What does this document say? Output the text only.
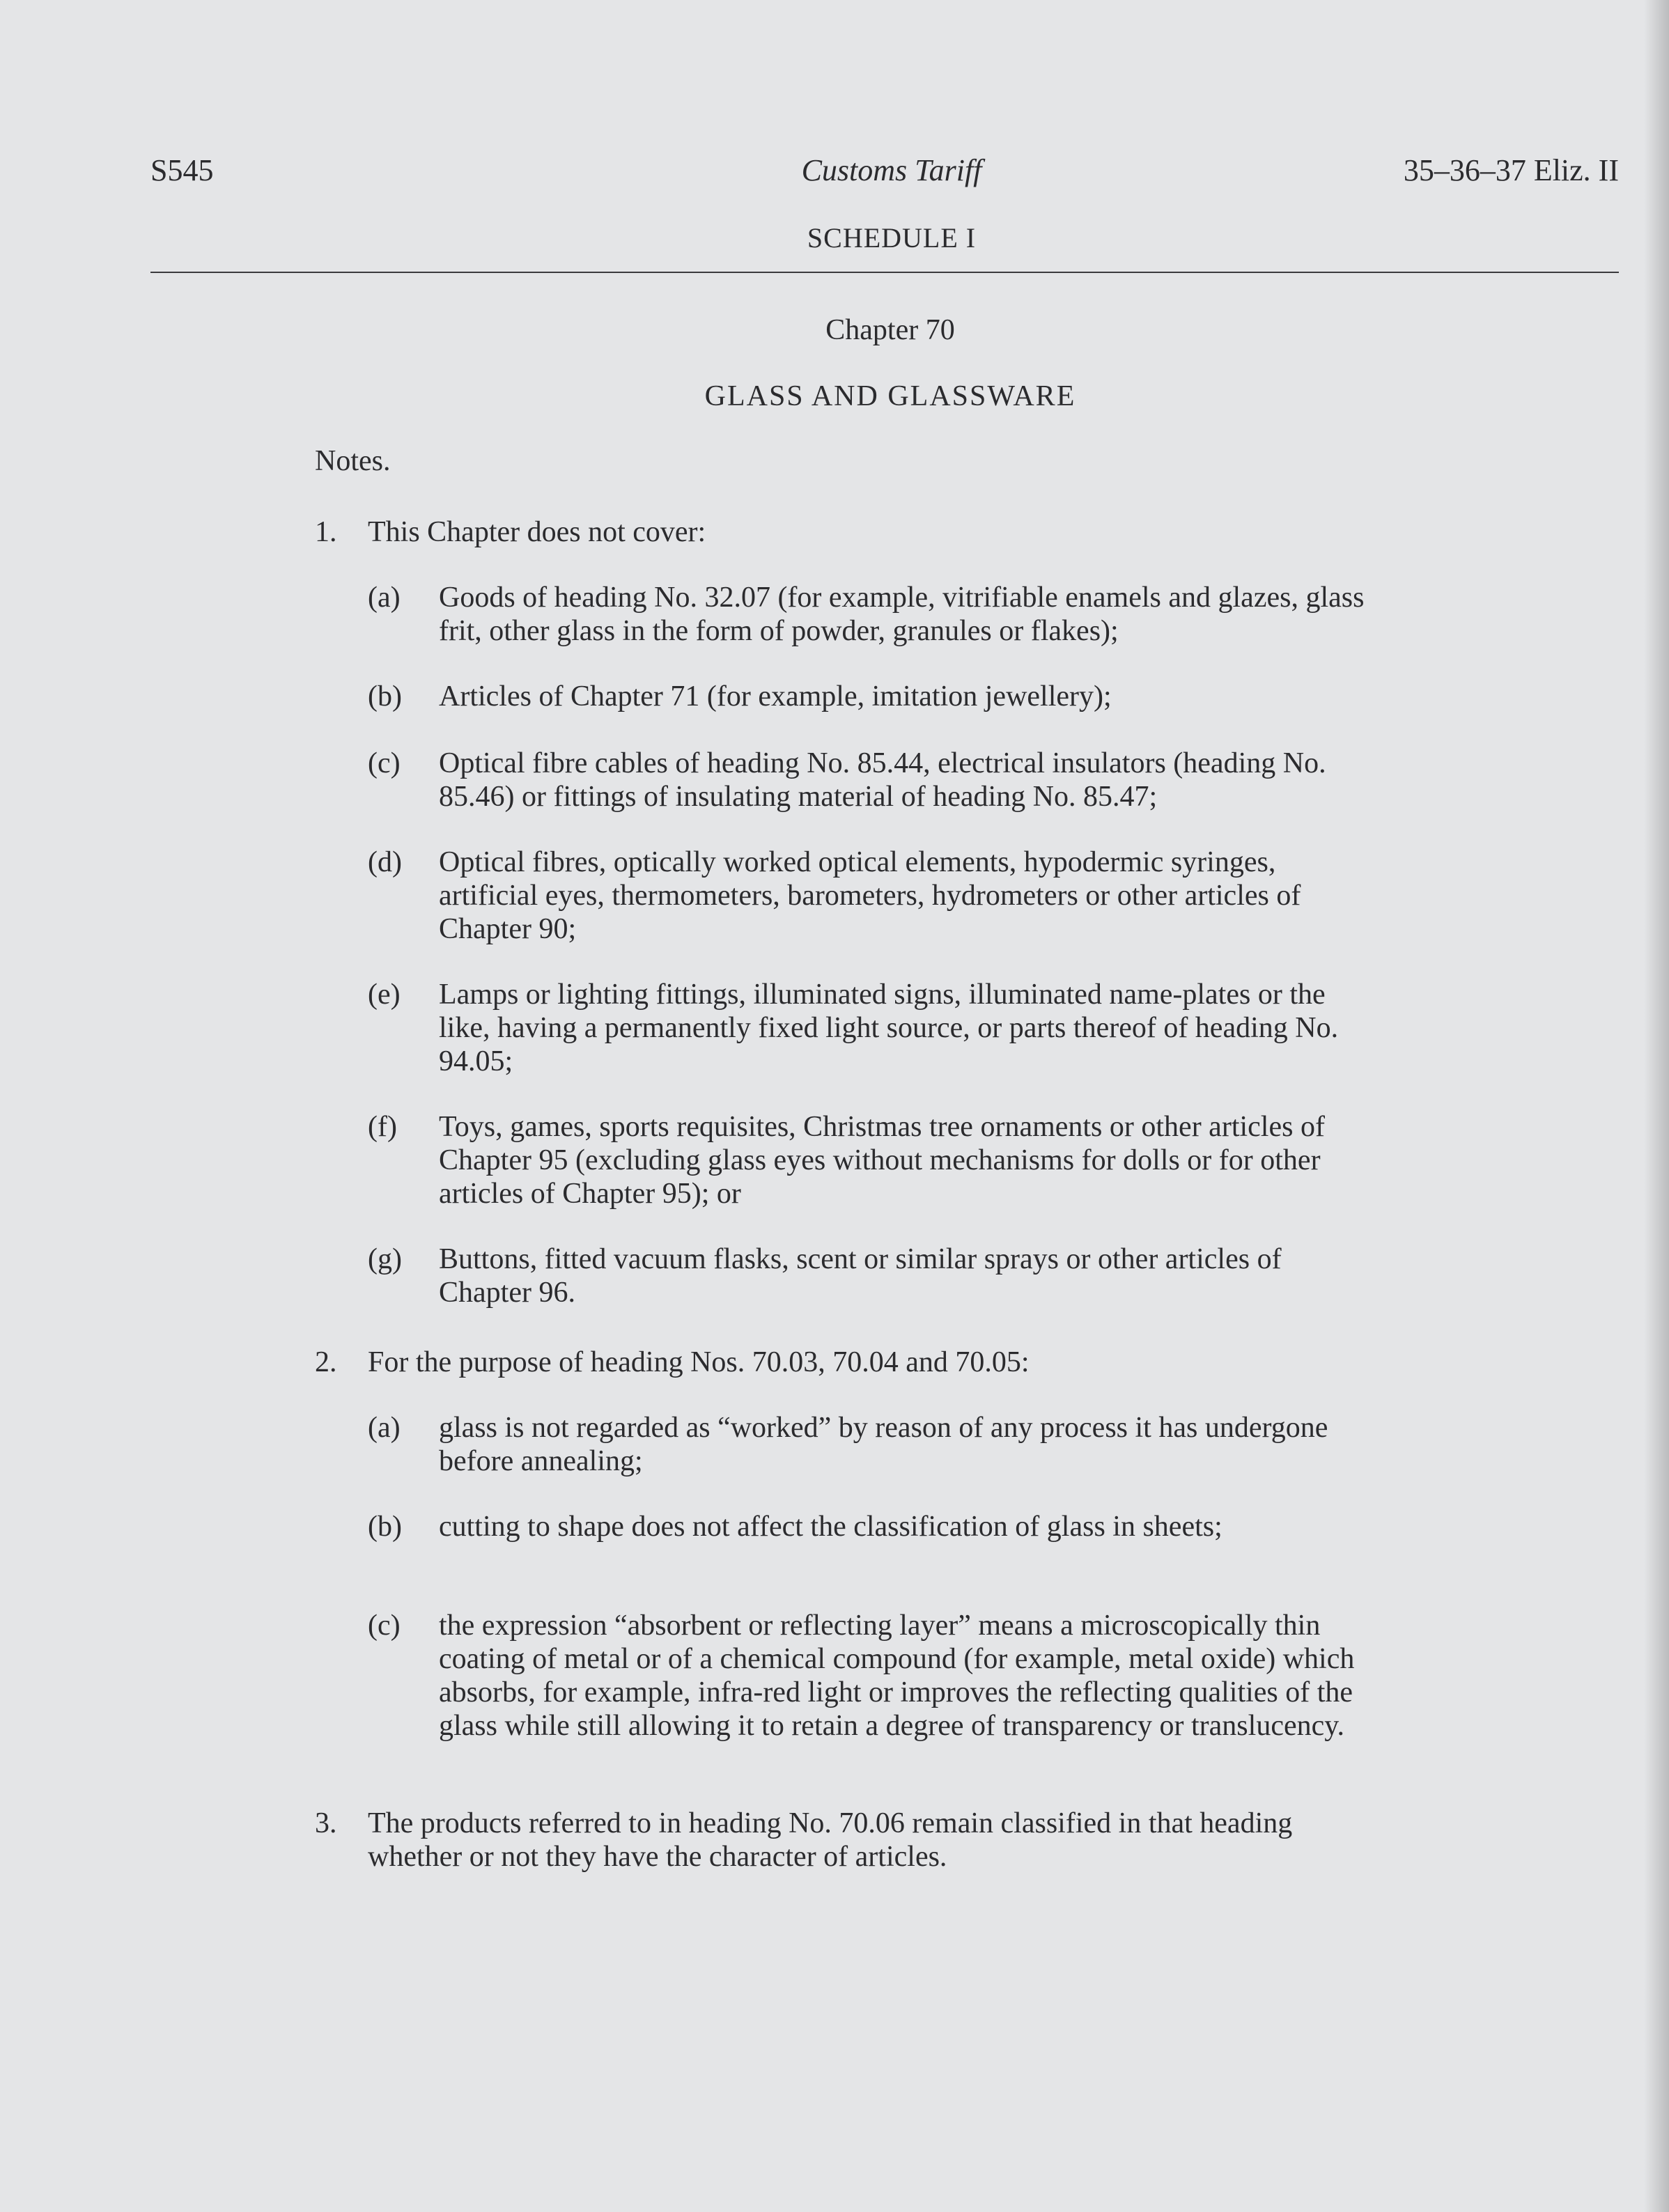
S545	Customs Tariff	35–36–37 Eliz. II
SCHEDULE I
Chapter 70
GLASS AND GLASSWARE
Notes.
1. This Chapter does not cover:
(a) Goods of heading No. 32.07 (for example, vitrifiable enamels and glazes, glass
frit, other glass in the form of powder, granules or flakes);
(b) Articles of Chapter 71 (for example, imitation jewellery);
(c) Optical fibre cables of heading No. 85.44, electrical insulators (heading No.
85.46) or fittings of insulating material of heading No. 85.47;
(d) Optical fibres, optically worked optical elements, hypodermic syringes,
artificial eyes, thermometers, barometers, hydrometers or other articles of
Chapter 90;
(e) Lamps or lighting fittings, illuminated signs, illuminated name-plates or the
like, having a permanently fixed light source, or parts thereof of heading No.
94.05;
(f) Toys, games, sports requisites, Christmas tree ornaments or other articles of
Chapter 95 (excluding glass eyes without mechanisms for dolls or for other
articles of Chapter 95); or
(g) Buttons, fitted vacuum flasks, scent or similar sprays or other articles of
Chapter 96.
2. For the purpose of heading Nos. 70.03, 70.04 and 70.05:
(a) glass is not regarded as “worked” by reason of any process it has undergone
before annealing;
(b) cutting to shape does not affect the classification of glass in sheets;
(c) the expression “absorbent or reflecting layer” means a microscopically thin
coating of metal or of a chemical compound (for example, metal oxide) which
absorbs, for example, infra-red light or improves the reflecting qualities of the
glass while still allowing it to retain a degree of transparency or translucency.
3. The products referred to in heading No. 70.06 remain classified in that heading
whether or not they have the character of articles.
